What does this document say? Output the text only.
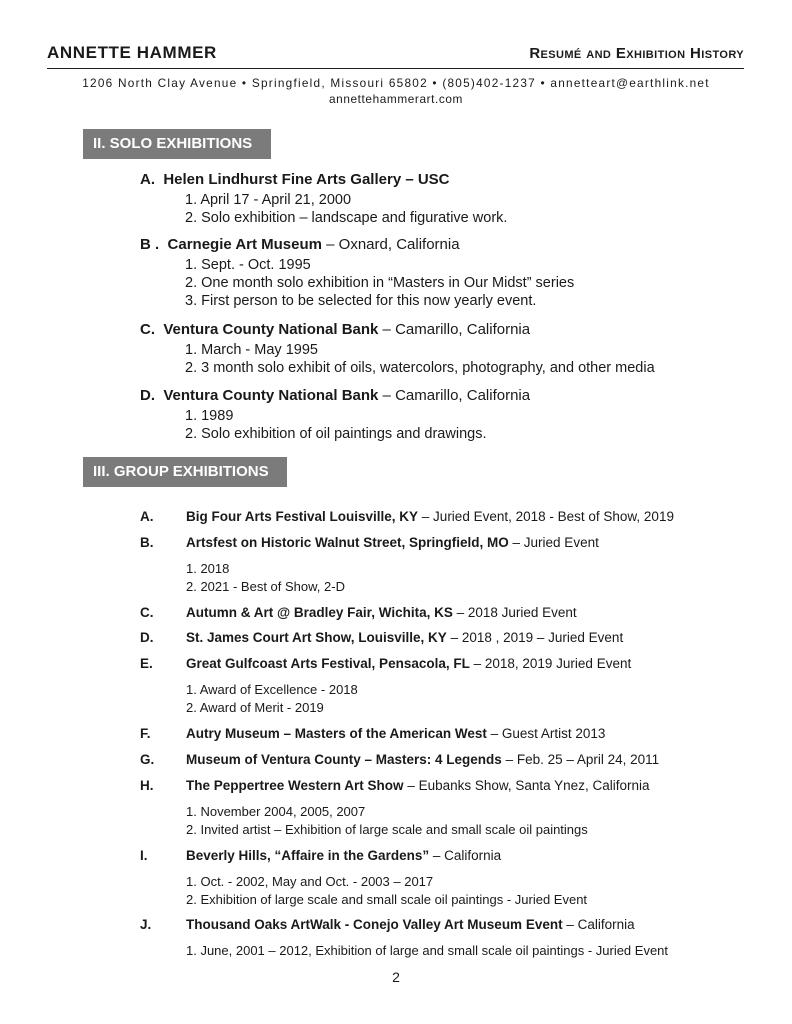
ANNETTE HAMMER	Resumé and Exhibition History
1206 North Clay Avenue • Springfield, Missouri 65802 • (805)402-1237 • annetteart@earthlink.net
annettehammerart.com
II. SOLO EXHIBITIONS
A. Helen Lindhurst Fine Arts Gallery – USC
1. April 17 - April 21, 2000
2. Solo exhibition – landscape and figurative work.
B . Carnegie Art Museum – Oxnard, California
1. Sept. - Oct. 1995
2. One month solo exhibition in “Masters in Our Midst” series
3. First person to be selected for this now yearly event.
C. Ventura County National Bank – Camarillo, California
1. March - May 1995
2. 3 month solo exhibit of oils, watercolors, photography, and other media
D. Ventura County National Bank – Camarillo, California
1. 1989
2. Solo exhibition of oil paintings and drawings.
III. GROUP EXHIBITIONS
A. Big Four Arts Festival Louisville, KY – Juried Event, 2018 - Best of Show, 2019
B. Artsfest on Historic Walnut Street, Springfield, MO – Juried Event
1. 2018
2. 2021 - Best of Show, 2-D
C. Autumn & Art @ Bradley Fair, Wichita, KS – 2018 Juried Event
D. St. James Court Art Show, Louisville, KY – 2018 , 2019 – Juried Event
E. Great Gulfcoast Arts Festival, Pensacola, FL – 2018, 2019 Juried Event
1. Award of Excellence - 2018
2. Award of Merit - 2019
F.	Autry Museum – Masters of the American West – Guest Artist 2013
G. Museum of Ventura County – Masters: 4 Legends – Feb. 25 – April 24, 2011
H. The Peppertree Western Art Show – Eubanks Show, Santa Ynez, California
1. November 2004, 2005, 2007
2. Invited artist – Exhibition of large scale and small scale oil paintings
I.	Beverly Hills, “Affaire in the Gardens” – California
1. Oct. - 2002, May and Oct. - 2003 – 2017
2. Exhibition of large scale and small scale oil paintings - Juried Event
J.	Thousand Oaks ArtWalk - Conejo Valley Art Museum Event – California
1. June, 2001 – 2012, Exhibition of large and small scale oil paintings - Juried Event
2
